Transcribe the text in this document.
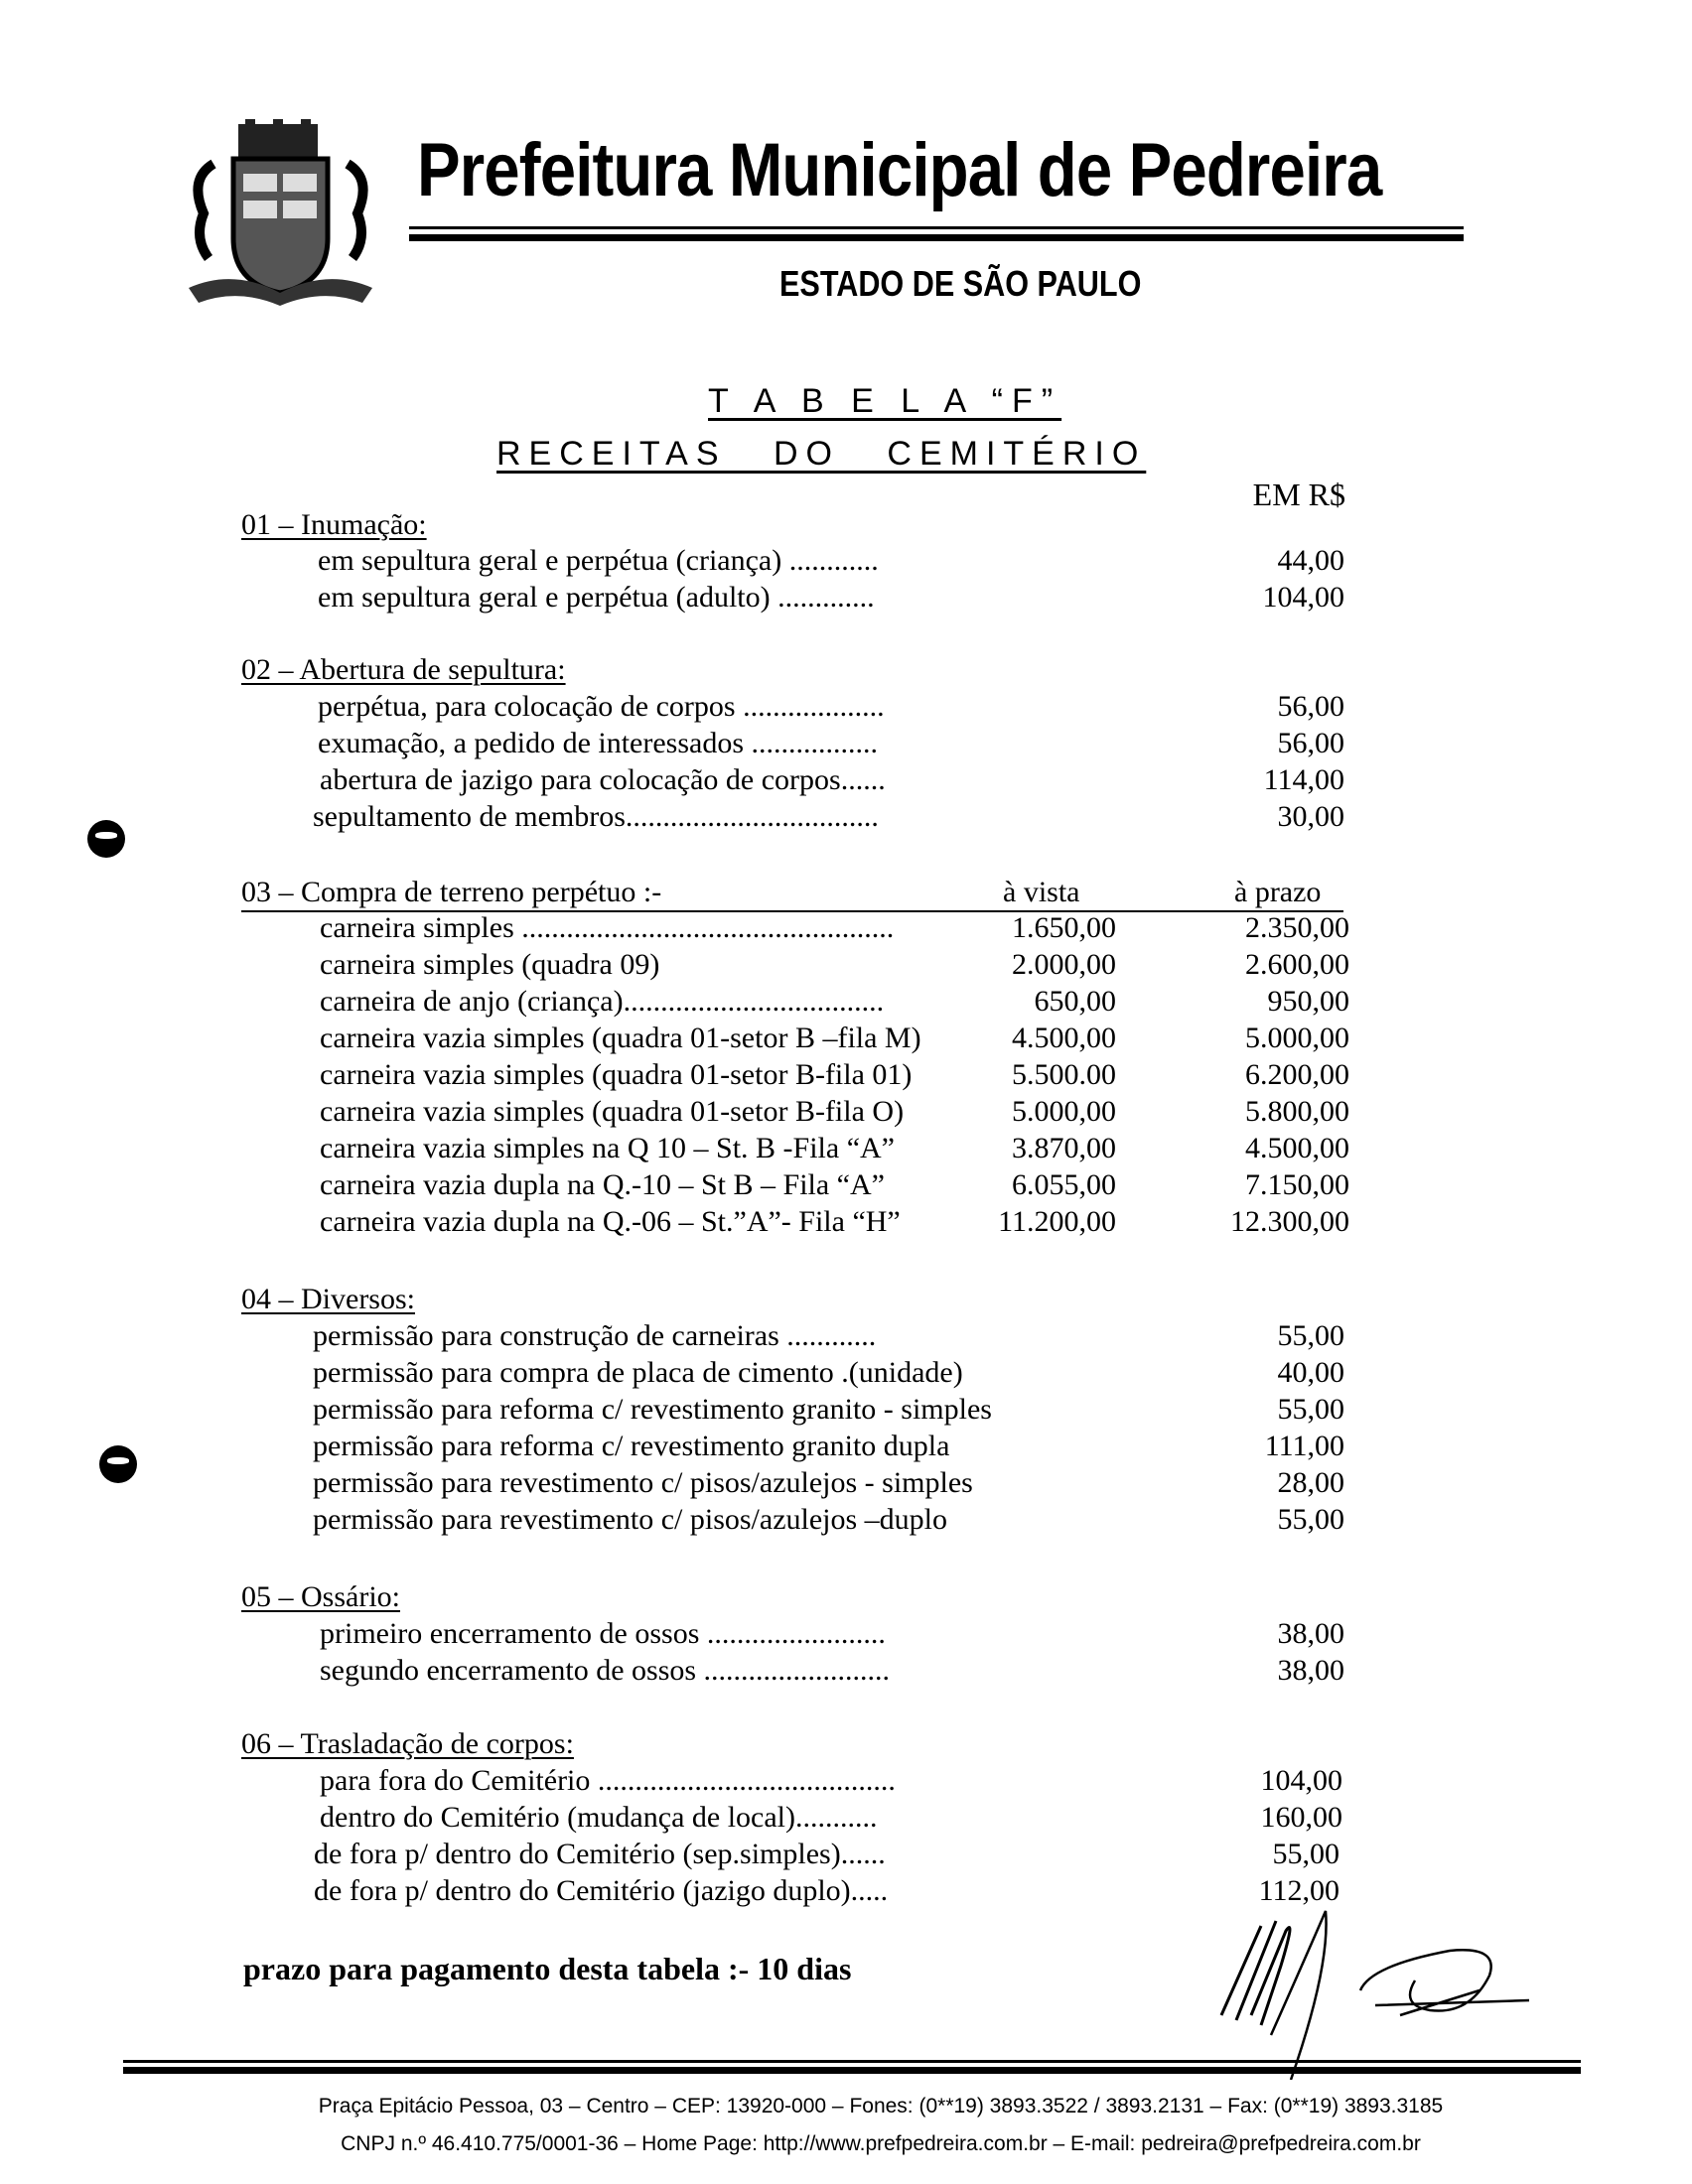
Prefeitura Municipal de Pedreira
ESTADO DE SÃO PAULO
T A B E L A “F”
RECEITAS DO CEMITÉRIO
EM R$
01 – Inumação:
em sepultura geral e perpétua (criança) ............	44,00
em sepultura geral e perpétua (adulto) .............	104,00
02 – Abertura de sepultura:
perpétua, para colocação de corpos ...................	56,00
exumação, a pedido de interessados .................	56,00
abertura de jazigo para colocação de corpos......	114,00
sepultamento de membros..................................	30,00
03 – Compra de terreno perpétuo :-	à vista	à prazo
carneira simples ..................................................	1.650,00	2.350,00
carneira simples (quadra 09)	2.000,00	2.600,00
carneira de anjo (criança)...................................	650,00	950,00
carneira vazia simples (quadra 01-setor B –fila M)	4.500,00	5.000,00
carneira vazia simples (quadra 01-setor B-fila 01)	5.500.00	6.200,00
carneira vazia simples (quadra 01-setor B-fila O)	5.000,00	5.800,00
carneira vazia simples na Q 10 – St. B -Fila “A”	3.870,00	4.500,00
carneira vazia dupla na Q.-10 – St B – Fila “A”	6.055,00	7.150,00
carneira vazia dupla na Q.-06 – St.”A”- Fila “H”	11.200,00	12.300,00
04 – Diversos:
permissão para construção de carneiras ............	55,00
permissão para compra de placa de cimento .(unidade)	40,00
permissão para reforma c/ revestimento granito - simples	55,00
permissão para reforma c/ revestimento granito dupla	111,00
permissão para revestimento c/ pisos/azulejos - simples	28,00
permissão para revestimento c/ pisos/azulejos –duplo	55,00
05 – Ossário:
primeiro encerramento de ossos ........................	38,00
segundo encerramento de ossos .........................	38,00
06 – Trasladação de corpos:
para fora do Cemitério ........................................	104,00
dentro do Cemitério (mudança de local)...........	160,00
de fora p/ dentro do Cemitério (sep.simples)......	55,00
de fora p/ dentro do Cemitério (jazigo duplo).....	112,00
prazo para pagamento desta tabela :- 10 dias
Praça Epitácio Pessoa, 03 – Centro – CEP: 13920-000 – Fones: (0**19) 3893.3522 / 3893.2131 – Fax: (0**19) 3893.3185
CNPJ n.º 46.410.775/0001-36 – Home Page: http://www.prefpedreira.com.br – E-mail: pedreira@prefpedreira.com.br
